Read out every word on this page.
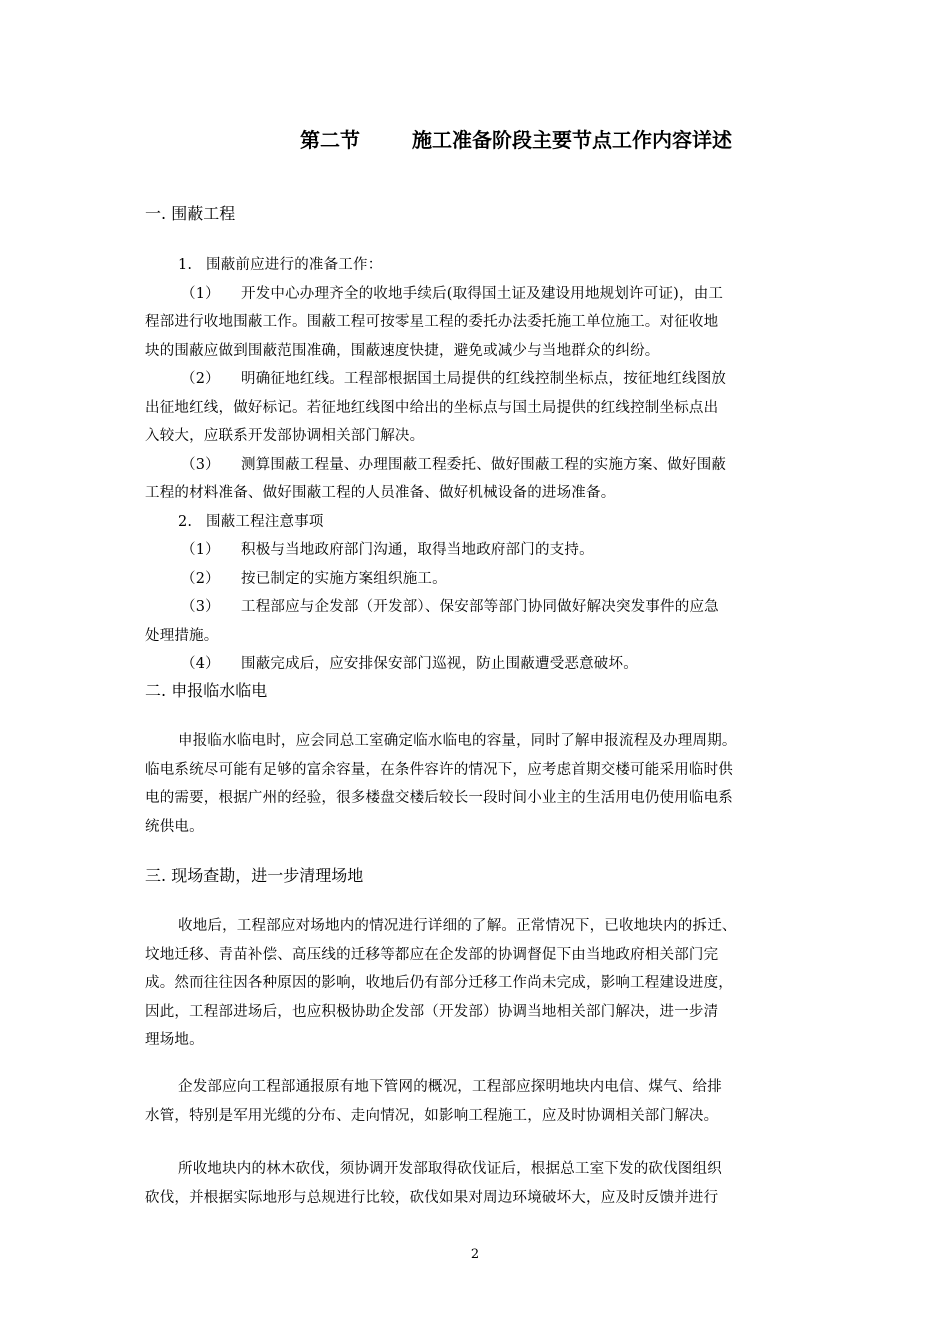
第二节	施工准备阶段主要节点工作内容详述
一. 围蔽工程
1. 围蔽前应进行的准备工作：
（1） 开发中心办理齐全的收地手续后(取得国土证及建设用地规划许可证)，由工
程部进行收地围蔽工作。围蔽工程可按零星工程的委托办法委托施工单位施工。对征收地
块的围蔽应做到围蔽范围准确，围蔽速度快捷，避免或减少与当地群众的纠纷。
（2） 明确征地红线。工程部根据国土局提供的红线控制坐标点，按征地红线图放
出征地红线，做好标记。若征地红线图中给出的坐标点与国土局提供的红线控制坐标点出
入较大，应联系开发部协调相关部门解决。
（3） 测算围蔽工程量、办理围蔽工程委托、做好围蔽工程的实施方案、做好围蔽
工程的材料准备、做好围蔽工程的人员准备、做好机械设备的进场准备。
2. 围蔽工程注意事项
（1） 积极与当地政府部门沟通，取得当地政府部门的支持。
（2） 按已制定的实施方案组织施工。
（3） 工程部应与企发部（开发部）、保安部等部门协同做好解决突发事件的应急
处理措施。
（4） 围蔽完成后，应安排保安部门巡视，防止围蔽遭受恶意破坏。
二. 申报临水临电
申报临水临电时，应会同总工室确定临水临电的容量，同时了解申报流程及办理周期。
临电系统尽可能有足够的富余容量，在条件容许的情况下，应考虑首期交楼可能采用临时供
电的需要，根据广州的经验，很多楼盘交楼后较长一段时间小业主的生活用电仍使用临电系
统供电。
三. 现场查勘，进一步清理场地
收地后，工程部应对场地内的情况进行详细的了解。正常情况下，已收地块内的拆迁、
坟地迁移、青苗补偿、高压线的迁移等都应在企发部的协调督促下由当地政府相关部门完
成。然而往往因各种原因的影响，收地后仍有部分迁移工作尚未完成，影响工程建设进度，
因此，工程部进场后，也应积极协助企发部（开发部）协调当地相关部门解决，进一步清
理场地。
企发部应向工程部通报原有地下管网的概况，工程部应探明地块内电信、煤气、给排
水管，特别是军用光缆的分布、走向情况，如影响工程施工，应及时协调相关部门解决。
所收地块内的林木砍伐，须协调开发部取得砍伐证后，根据总工室下发的砍伐图组织
砍伐，并根据实际地形与总规进行比较，砍伐如果对周边环境破坏大，应及时反馈并进行
2
